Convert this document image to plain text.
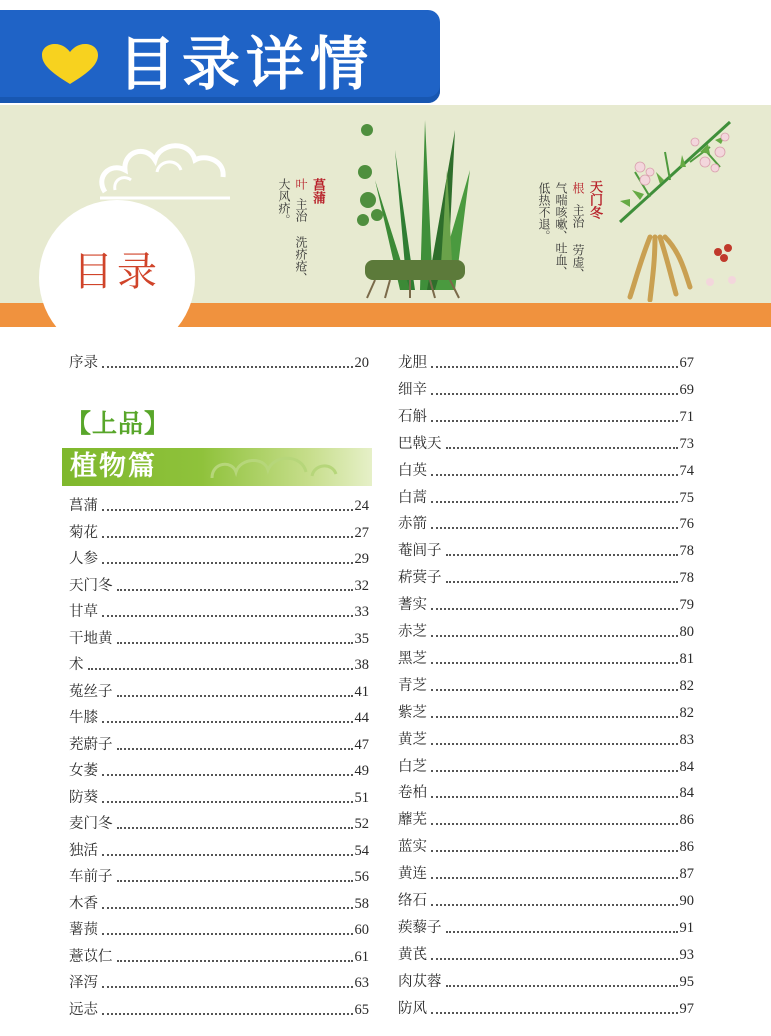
目录详情
菖蒲
叶
主治
洗疥疮、
大风疥。	天门冬
根
主治
劳虚、
气喘咳嗽、吐血、
低热不退。
目录
序录	20
【上品】
植物篇
菖蒲	24
菊花	27
人参	29
天门冬	32
甘草	33
干地黄	35
术	38
菟丝子	41
牛膝	44
茺蔚子	47
女萎	49
防葵	51
麦门冬	52
独活	54
车前子	56
木香	58
薯蓣	60
薏苡仁	61
泽泻	63
远志	65
龙胆	67
细辛	69
石斛	71
巴戟天	73
白英	74
白蒿	75
赤箭	76
菴闾子	78
菥蓂子	78
蓍实	79
赤芝	80
黑芝	81
青芝	82
紫芝	82
黄芝	83
白芝	84
卷柏	84
蘼芜	86
蓝实	86
黄连	87
络石	90
蒺藜子	91
黄芪	93
肉苁蓉	95
防风	97
